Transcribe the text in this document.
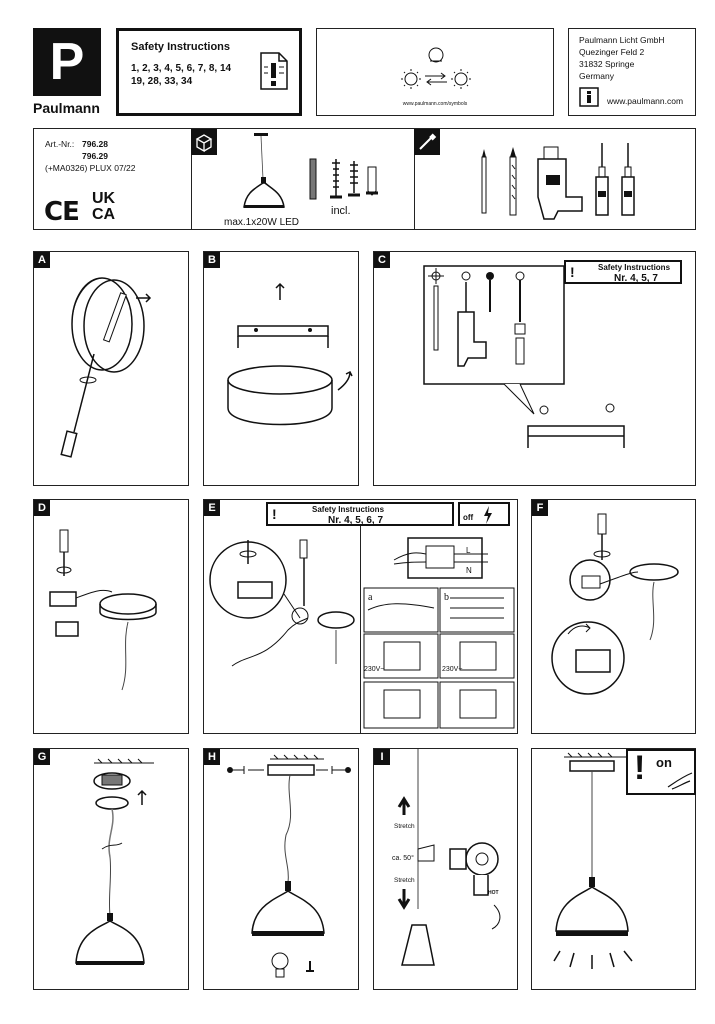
P
Paulmann
Safety Instructions
1, 2, 3, 4, 5, 6, 7, 8, 14
19, 28, 33, 34
www.paulmann.com/symbols
Paulmann Licht GmbH
Quezinger Feld 2
31832 Springe
Germany
www.paulmann.com
Art.-Nr.: 796.28
796.29
(+MA0326) PLUX 07/22
CE UK
CA	max.1x20W LED
incl.
A	B	C
!	Safety Instructions
Nr. 4, 5, 7
D	E	!	Safety Instructions
Nr. 4, 5, 6, 7	off
L
N
a	b
230V~	230V~
F
G	H	I
Stretch
ca. 50°
Stretch
HOT
! on
